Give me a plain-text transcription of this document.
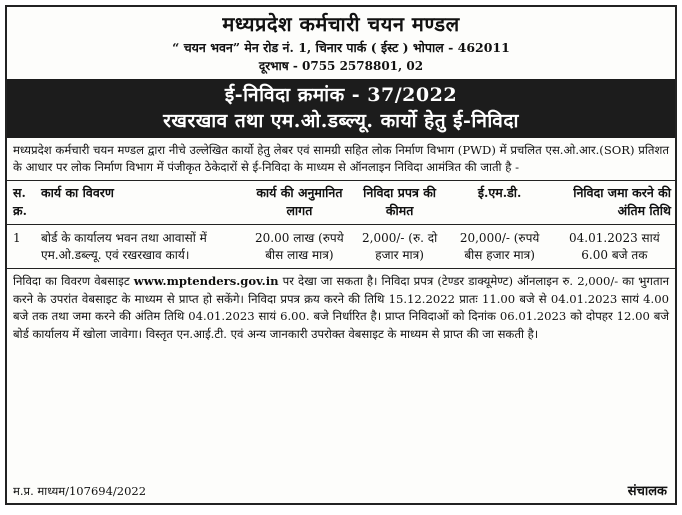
मध्यप्रदेश कर्मचारी चयन मण्डल
“ चयन भवन” मेन रोड नं. 1, चिनार पार्क ( ईस्ट ) भोपाल - 462011
दूरभाष - 0755 2578801, 02
ई-निविदा क्रमांक - 37/2022
रखरखाव तथा एम.ओ.डब्ल्यू. कार्यो हेतु ई-निविदा
मध्यप्रदेश कर्मचारी चयन मण्डल द्वारा नीचे उल्लेखित कार्यो हेतु लेबर एवं सामग्री सहित लोक निर्माण विभाग (PWD) में प्रचलित एस.ओ.आर.(SOR) प्रतिशत के आधार पर लोक निर्माण विभाग में पंजीकृत ठेकेदारों से ई-निविदा के माध्यम से ऑनलाइन निविदा आमंत्रित की जाती है -
स. क्र.	कार्य का विवरण	कार्य की अनुमानित लागत	निविदा प्रपत्र की कीमत	ई.एम.डी.	निविदा जमा करने की अंतिम तिथि
1	बोर्ड के कार्यालय भवन तथा आवासों में एम.ओ.डब्ल्यू. एवं रखरखाव कार्य।	20.00 लाख (रुपये बीस लाख मात्र)	2,000/- (रु. दो हजार मात्र)	20,000/- (रुपये बीस हजार मात्र)	04.01.2023 सायं 6.00 बजे तक
निविदा का विवरण वेबसाइट www.mptenders.gov.in पर देखा जा सकता है। निविदा प्रपत्र (टेण्डर डाक्यूमेण्ट) ऑनलाइन रु. 2,000/- का भुगतान करने के उपरांत वेबसाइट के माध्यम से प्राप्त हो सकेंगे। निविदा प्रपत्र क्रय करने की तिथि 15.12.2022 प्रातः 11.00 बजे से 04.01.2023 सायं 4.00 बजे तक तथा जमा करने की अंतिम तिथि 04.01.2023 सायं 6.00. बजे निर्धारित है। प्राप्त निविदाओं को दिनांक 06.01.2023 को दोपहर 12.00 बजे बोर्ड कार्यालय में खोला जावेगा। विस्तृत एन.आई.टी. एवं अन्य जानकारी उपरोक्त वेबसाइट के माध्यम से प्राप्त की जा सकती है।
म.प्र. माध्यम/107694/2022	संचालक
